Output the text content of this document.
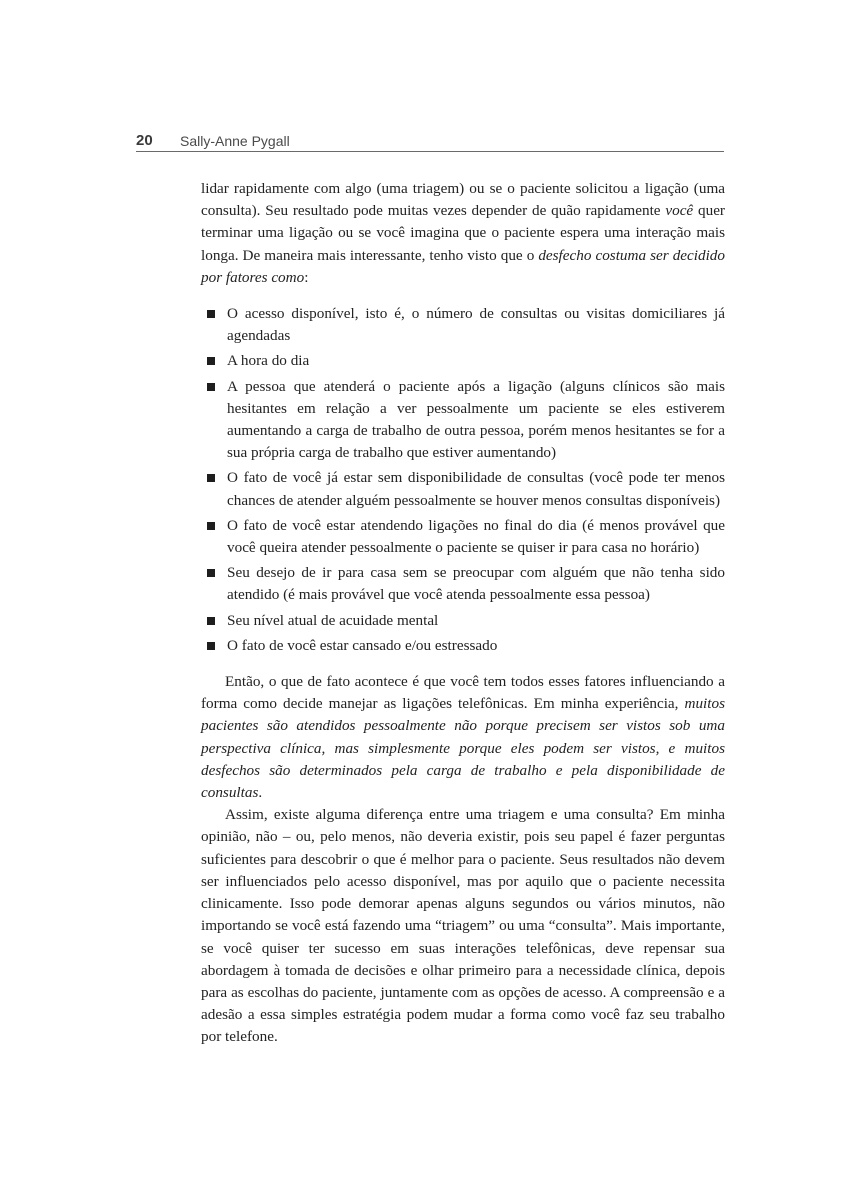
20 Sally-Anne Pygall

lidar rapidamente com algo (uma triagem) ou se o paciente solicitou a ligação (uma consulta). Seu resultado pode muitas vezes depender de quão rapidamente você quer terminar uma ligação ou se você imagina que o paciente espera uma interação mais longa. De maneira mais interessante, tenho visto que o desfecho costuma ser decidido por fatores como:

O acesso disponível, isto é, o número de consultas ou visitas domiciliares já agendadas
A hora do dia
A pessoa que atenderá o paciente após a ligação (alguns clínicos são mais hesitantes em relação a ver pessoalmente um paciente se eles estiverem aumentando a carga de trabalho de outra pessoa, porém menos hesitantes se for a sua própria carga de trabalho que estiver aumentando)
O fato de você já estar sem disponibilidade de consultas (você pode ter menos chances de atender alguém pessoalmente se houver menos consultas disponíveis)
O fato de você estar atendendo ligações no final do dia (é menos provável que você queira atender pessoalmente o paciente se quiser ir para casa no horário)
Seu desejo de ir para casa sem se preocupar com alguém que não tenha sido atendido (é mais provável que você atenda pessoalmente essa pessoa)
Seu nível atual de acuidade mental
O fato de você estar cansado e/ou estressado

Então, o que de fato acontece é que você tem todos esses fatores influenciando a forma como decide manejar as ligações telefônicas. Em minha experiência, muitos pacientes são atendidos pessoalmente não porque precisem ser vistos sob uma perspectiva clínica, mas simplesmente porque eles podem ser vistos, e muitos desfechos são determinados pela carga de trabalho e pela disponibilidade de consultas.

Assim, existe alguma diferença entre uma triagem e uma consulta? Em minha opinião, não – ou, pelo menos, não deveria existir, pois seu papel é fazer perguntas suficientes para descobrir o que é melhor para o paciente. Seus resultados não devem ser influenciados pelo acesso disponível, mas por aquilo que o paciente necessita clinicamente. Isso pode demorar apenas alguns segundos ou vários minutos, não importando se você está fazendo uma “triagem” ou uma “consulta”. Mais importante, se você quiser ter sucesso em suas interações telefônicas, deve repensar sua abordagem à tomada de decisões e olhar primeiro para a necessidade clínica, depois para as escolhas do paciente, juntamente com as opções de acesso. A compreensão e a adesão a essa simples estratégia podem mudar a forma como você faz seu trabalho por telefone.
